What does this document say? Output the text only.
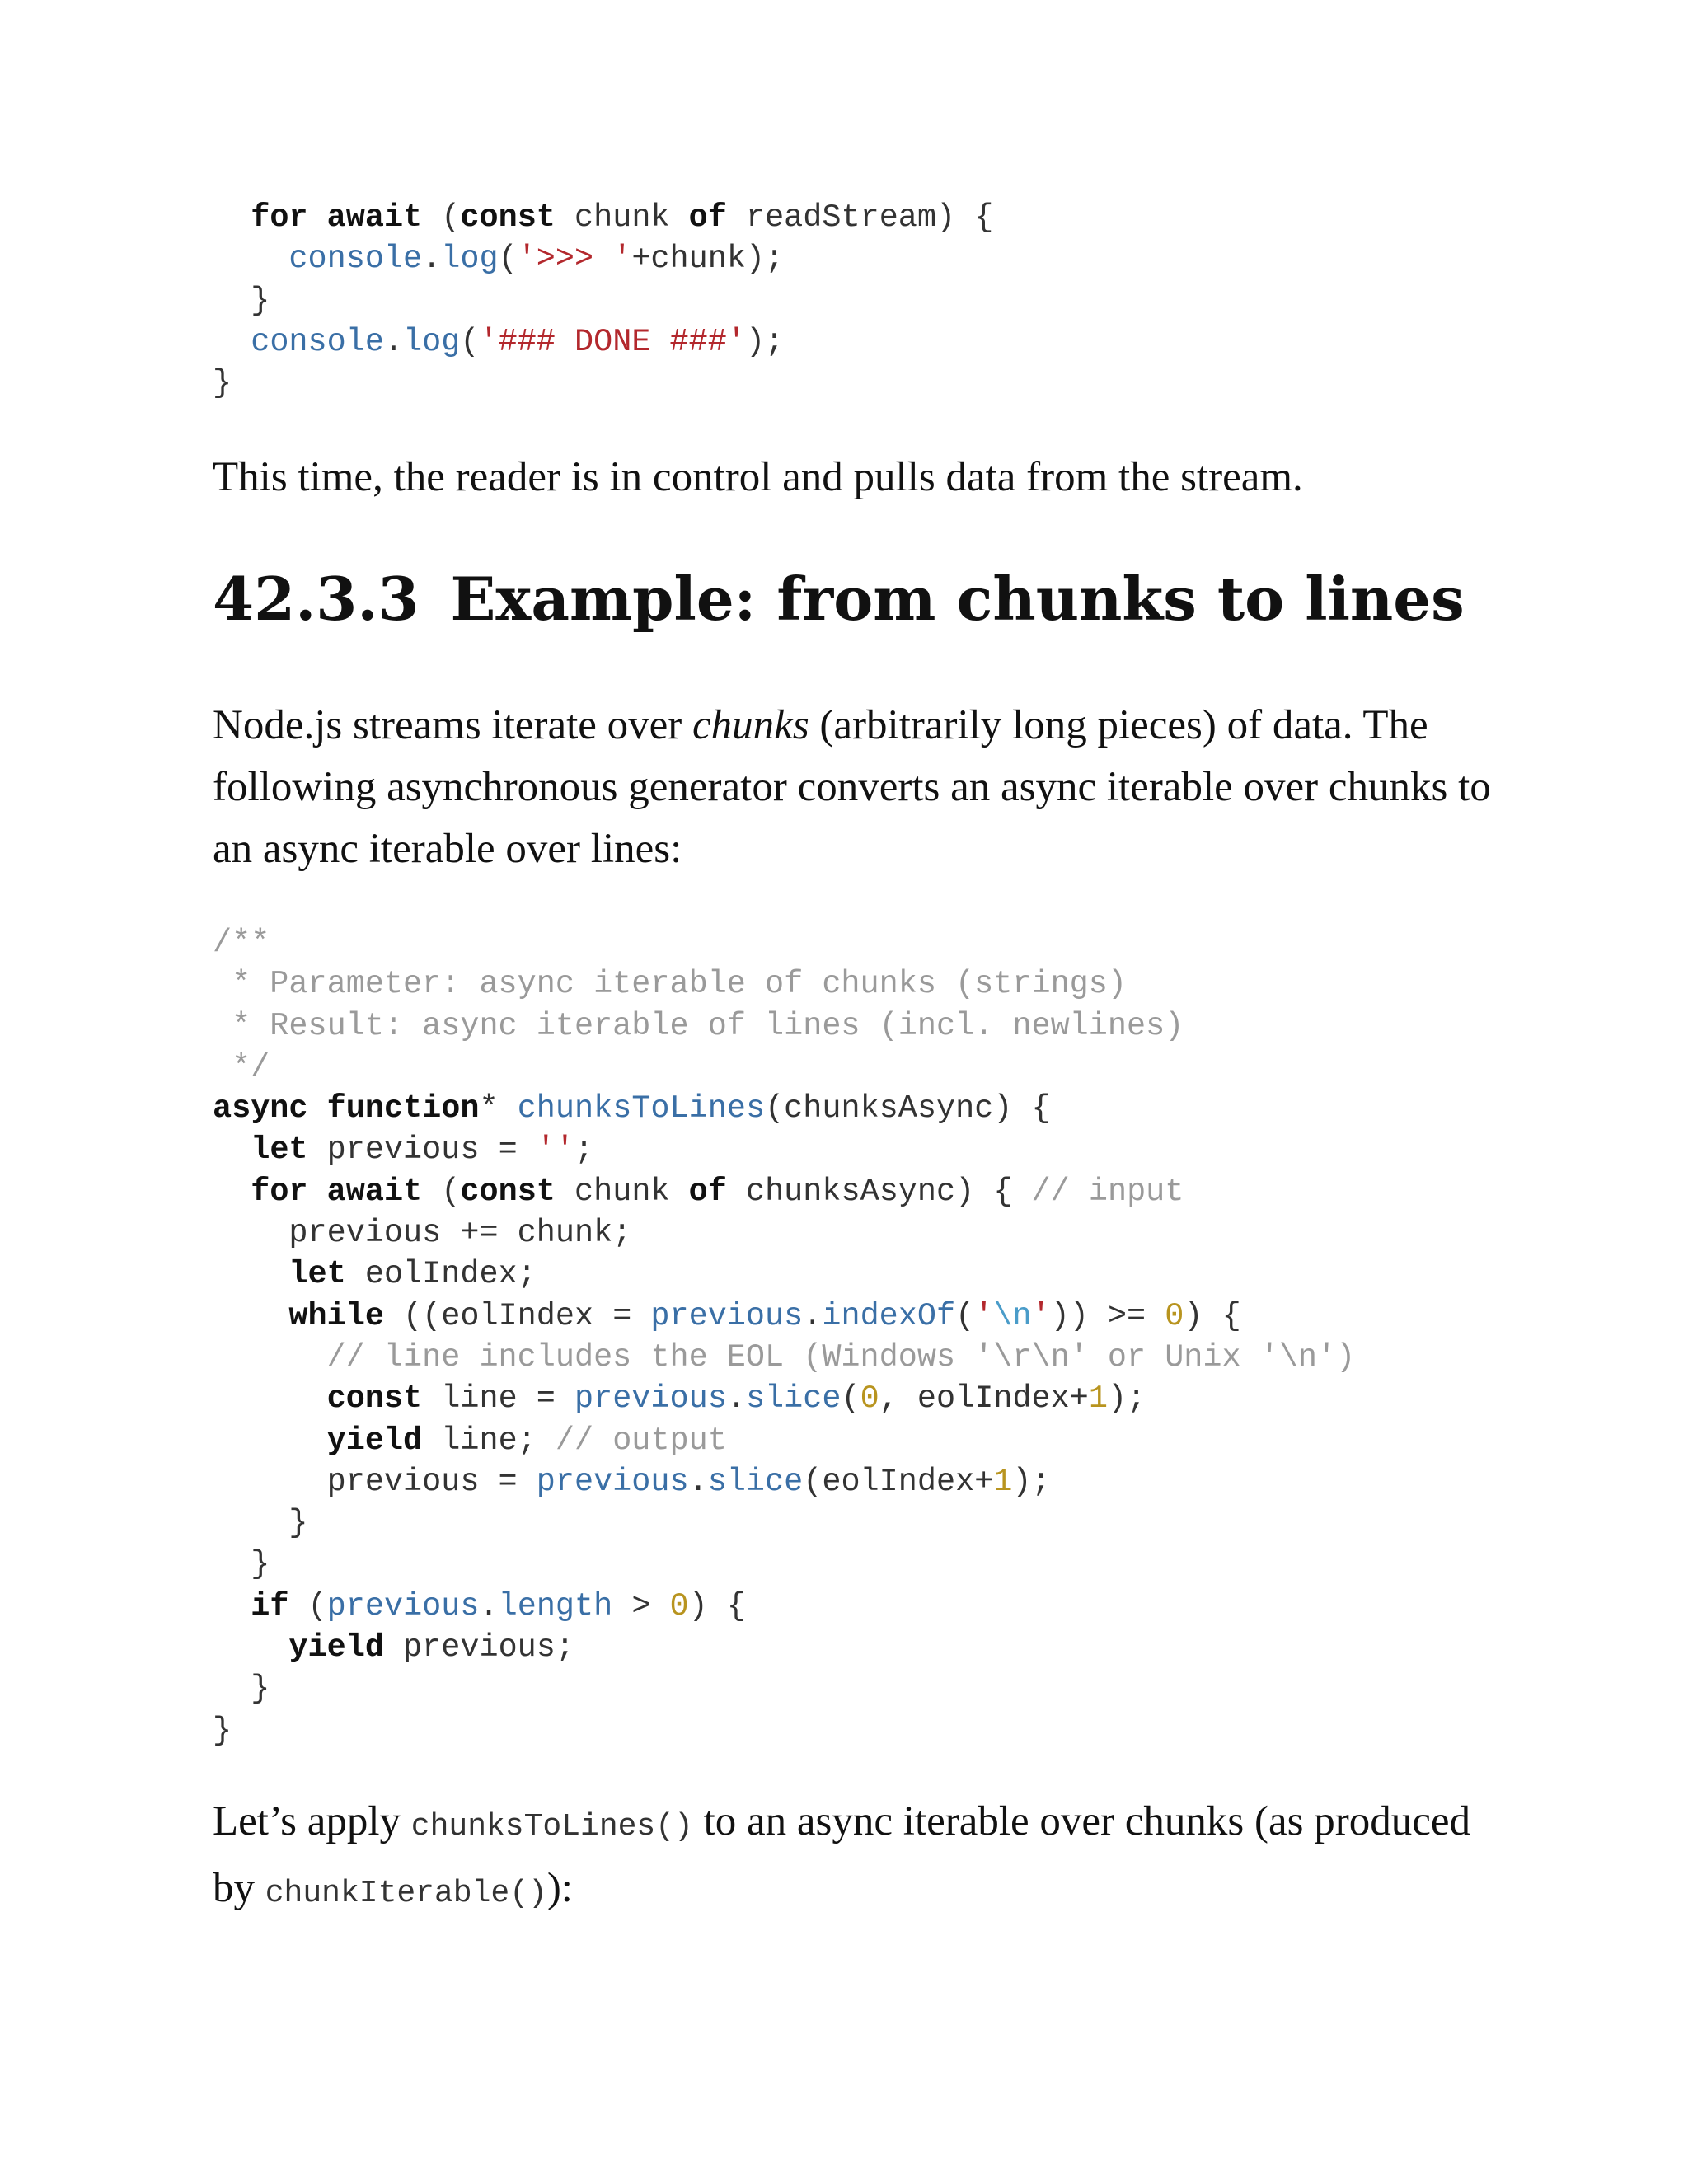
for await (const chunk of readStream) {
console.log('>>> '+chunk);
}
console.log('### DONE ###');
}

This time, the reader is in control and pulls data from the stream.

42.3.3 Example: from chunks to lines

Node.js streams iterate over chunks (arbitrarily long pieces) of data. The following asynchronous generator converts an async iterable over chunks to an async iterable over lines:

/**
* Parameter: async iterable of chunks (strings)
* Result: async iterable of lines (incl. newlines)
*/
async function* chunksToLines(chunksAsync) {
let previous = '';
for await (const chunk of chunksAsync) { // input
previous += chunk;
let eolIndex;
while ((eolIndex = previous.indexOf('\n')) >= 0) {
// line includes the EOL (Windows '\r\n' or Unix '\n')
const line = previous.slice(0, eolIndex+1);
yield line; // output
previous = previous.slice(eolIndex+1);
}
}
if (previous.length > 0) {
yield previous;
}
}

Let’s apply chunksToLines() to an async iterable over chunks (as produced by chunkIterable()):
